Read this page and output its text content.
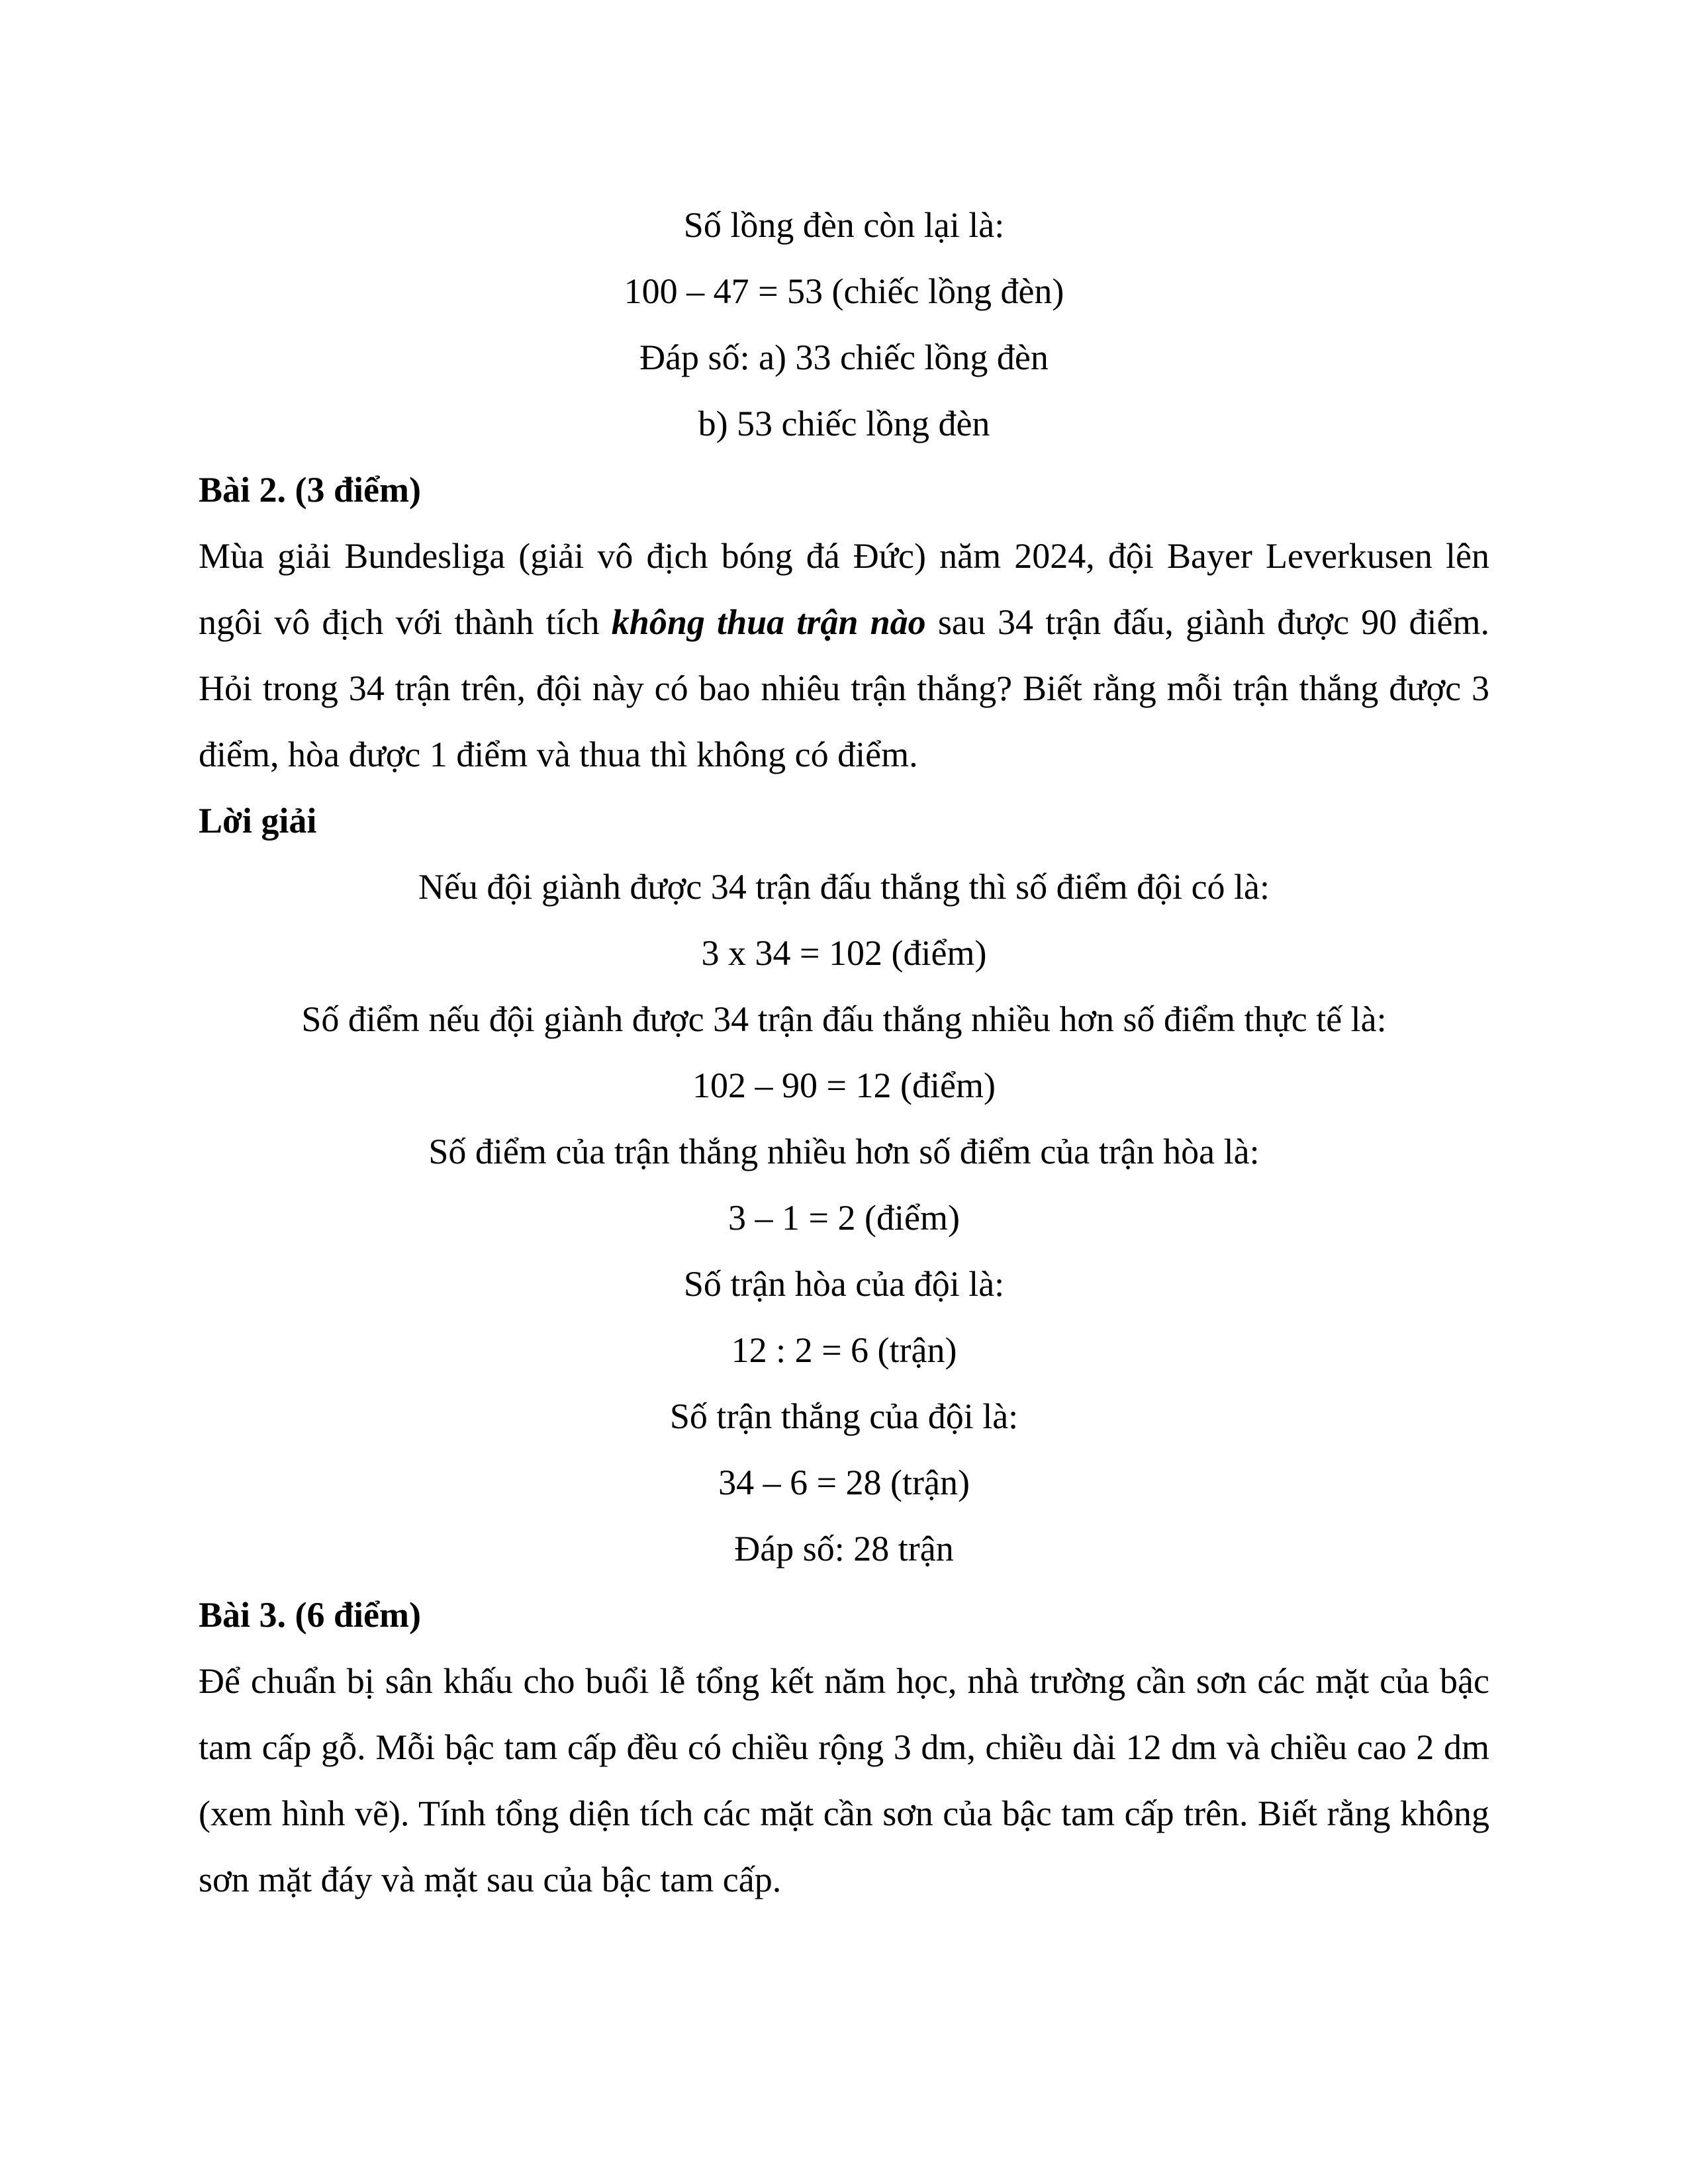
Số lồng đèn còn lại là:

100 – 47 = 53 (chiếc lồng đèn)

Đáp số: a) 33 chiếc lồng đèn

b) 53 chiếc lồng đèn

Bài 2. (3 điểm)

Mùa giải Bundesliga (giải vô địch bóng đá Đức) năm 2024, đội Bayer Leverkusen lên ngôi vô địch với thành tích không thua trận nào sau 34 trận đấu, giành được 90 điểm. Hỏi trong 34 trận trên, đội này có bao nhiêu trận thắng? Biết rằng mỗi trận thắng được 3 điểm, hòa được 1 điểm và thua thì không có điểm.

Lời giải

Nếu đội giành được 34 trận đấu thắng thì số điểm đội có là:

3 x 34 = 102 (điểm)

Số điểm nếu đội giành được 34 trận đấu thắng nhiều hơn số điểm thực tế là:

102 – 90 = 12 (điểm)

Số điểm của trận thắng nhiều hơn số điểm của trận hòa là:

3 – 1 = 2 (điểm)

Số trận hòa của đội là:

12 : 2 = 6 (trận)

Số trận thắng của đội là:

34 – 6 = 28 (trận)

Đáp số: 28 trận

Bài 3. (6 điểm)

Để chuẩn bị sân khấu cho buổi lễ tổng kết năm học, nhà trường cần sơn các mặt của bậc tam cấp gỗ. Mỗi bậc tam cấp đều có chiều rộng 3 dm, chiều dài 12 dm và chiều cao 2 dm (xem hình vẽ). Tính tổng diện tích các mặt cần sơn của bậc tam cấp trên. Biết rằng không sơn mặt đáy và mặt sau của bậc tam cấp.
